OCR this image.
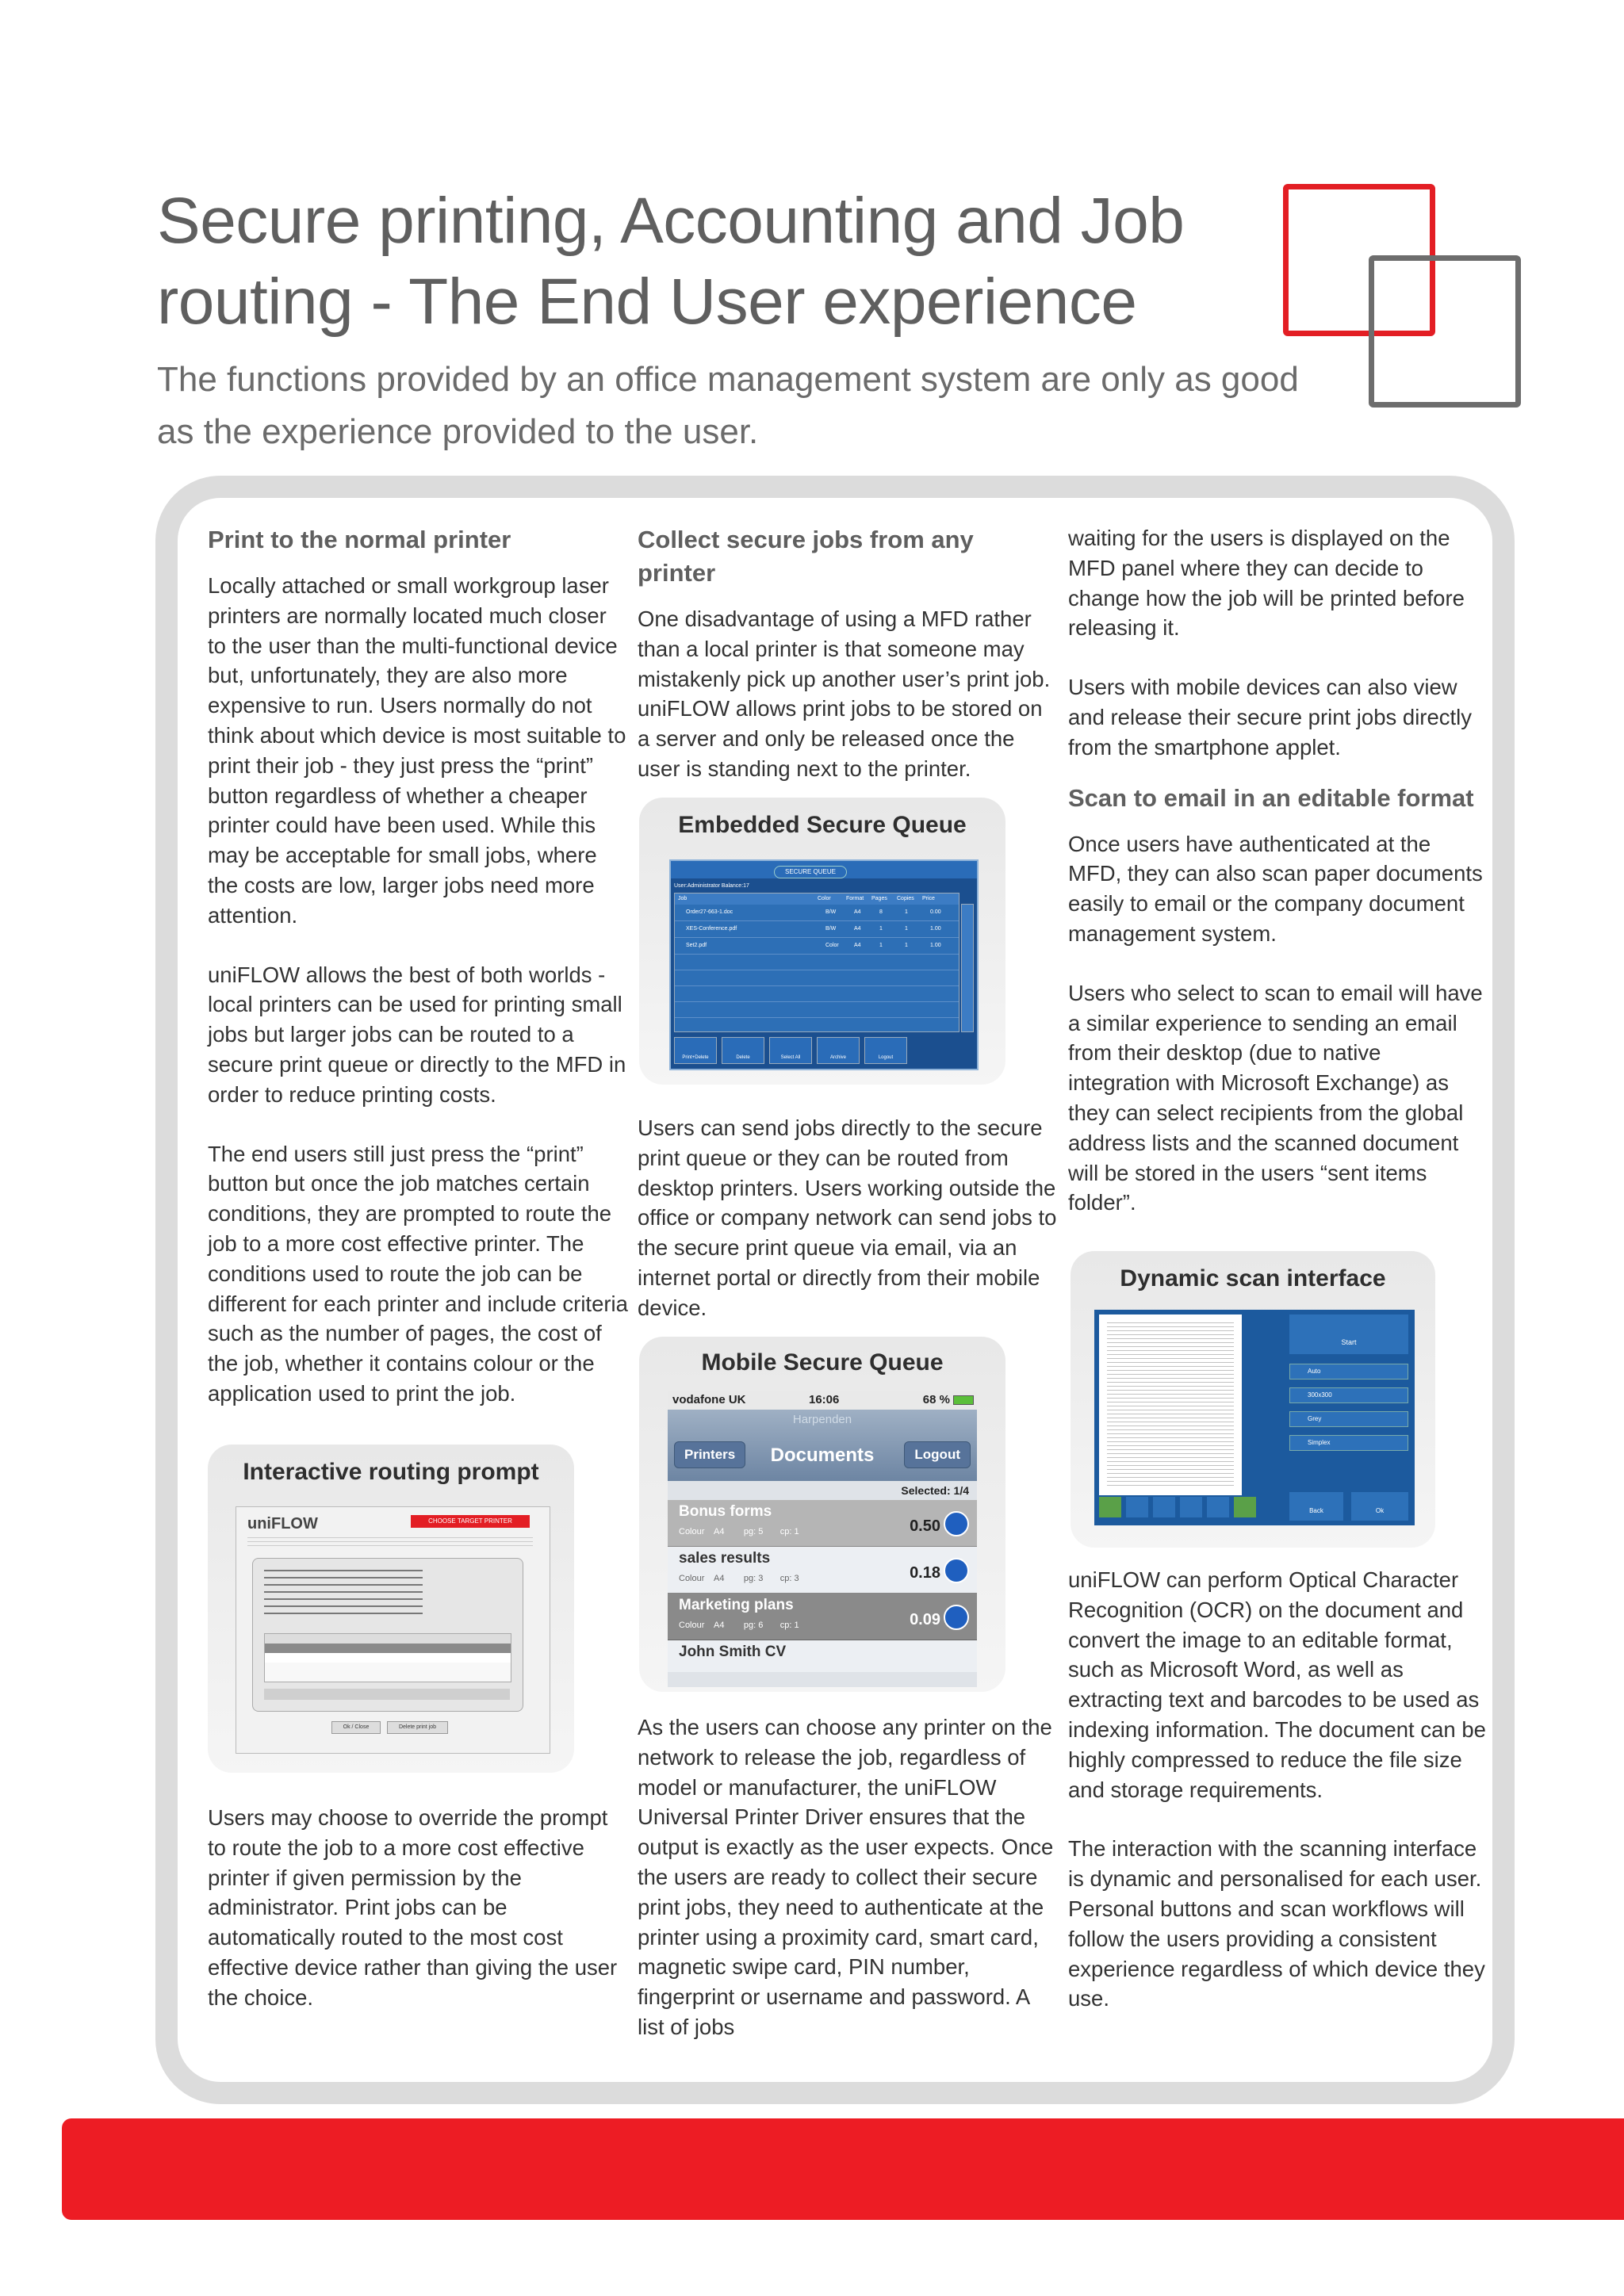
Secure printing, Accounting and Job routing - The End User experience

The functions provided by an office management system are only as good as the experience provided to the user.

Print to the normal printer

Locally attached or small workgroup laser printers are normally located much closer to the user than the multi-functional device but, unfortunately, they are also more expensive to run. Users normally do not think about which device is most suitable to print their job - they just press the “print” button regardless of whether a cheaper printer could have been used. While this may be acceptable for small jobs, where the costs are low, larger jobs need more attention.

uniFLOW allows the best of both worlds - local printers can be used for printing small jobs but larger jobs can be routed to a secure print queue or directly to the MFD in order to reduce printing costs.

The end users still just press the “print” button but once the job matches certain conditions, they are prompted to route the job to a more cost effective printer. The conditions used to route the job can be different for each printer and include criteria such as the number of pages, the cost of the job, whether it contains colour or the application used to print the job.

Interactive routing prompt
uniFLOW	CHOOSE TARGET PRINTER
Ok / Close	Delete print job

Users may choose to override the prompt to route the job to a more cost effective printer if given permission by the administrator. Print jobs can be automatically routed to the most cost effective device rather than giving the user the choice.

Collect secure jobs from any printer

One disadvantage of using a MFD rather than a local printer is that someone may mistakenly pick up another user’s print job. uniFLOW allows print jobs to be stored on a server and only be released once the user is standing next to the printer.

Embedded Secure Queue
SECURE QUEUE
User:Administrator Balance:17
Job	Color	Format	Pages	Copies	Price
Order27-663-1.doc	B/W	A4	8	1	0.00
XES-Conference.pdf	B/W	A4	1	1	1.00
Set2.pdf	Color	A4	1	1	1.00
Print+Delete	Delete	Select All	Archive	Logout

Users can send jobs directly to the secure print queue or they can be routed from desktop printers. Users working outside the office or company network can send jobs to the secure print queue via email, via an internet portal or directly from their mobile device.

Mobile Secure Queue
vodafone UK	16:06	68 %
Harpenden
Printers	Documents	Logout
Selected: 1/4
Bonus forms
Colour    A4        pg: 5       cp: 1	0.50
sales results
Colour    A4        pg: 3       cp: 3	0.18
Marketing plans
Colour    A4        pg: 6       cp: 1	0.09
John Smith CV

As the users can choose any printer on the network to release the job, regardless of model or manufacturer, the uniFLOW Universal Printer Driver ensures that the output is exactly as the user expects. Once the users are ready to collect their secure print jobs, they need to authenticate at the printer using a proximity card, smart card, magnetic swipe card, PIN number, fingerprint or username and password. A list of jobs

waiting for the users is displayed on the MFD panel where they can decide to change how the job will be printed before releasing it.

Users with mobile devices can also view and release their secure print jobs directly from the smartphone applet.

Scan to email in an editable format

Once users have authenticated at the MFD, they can also scan paper documents easily to email or the company document management system.

Users who select to scan to email will have a similar experience to sending an email from their desktop (due to native integration with Microsoft Exchange) as they can select recipients from the global address lists and the scanned document will be stored in the users “sent items folder”.

Dynamic scan interface
Start
Auto
300x300
Grey
Simplex
1 / 1 Pages
Back	Ok

uniFLOW can perform Optical Character Recognition (OCR) on the document and convert the image to an editable format, such as Microsoft Word, as well as extracting text and barcodes to be used as indexing information. The document can be highly compressed to reduce the file size and storage requirements.

The interaction with the scanning interface is dynamic and personalised for each user. Personal buttons and scan workflows will follow the users providing a consistent experience regardless of which device they use.
